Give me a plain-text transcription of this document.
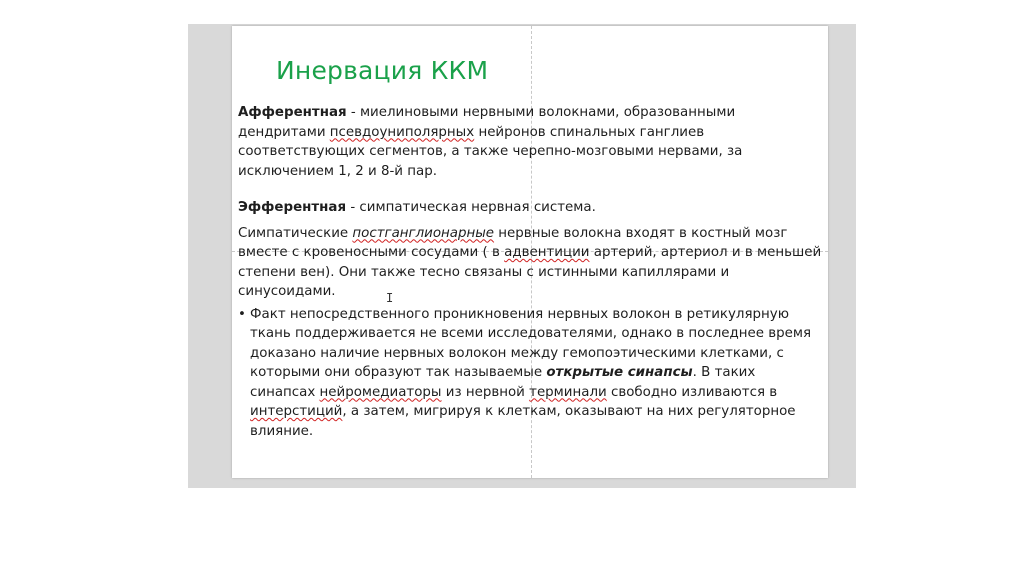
Инервация ККМ

Афферентная - миелиновыми нервными волокнами, образованными дендритами псевдоуниполярных нейронов спинальных ганглиев соответствующих сегментов, а также черепно-мозговыми нервами, за исключением 1, 2 и 8-й пар.

Эфферентная - симпатическая нервная система.

Симпатические постганглионарные нервные волокна входят в костный мозг вместе с кровеносными сосудами ( в адвентиции артерий, артериол и в меньшей степени вен). Они также тесно связаны с истинными капиллярами и синусоидами.

• Факт непосредственного проникновения нервных волокон в ретикулярную ткань поддерживается не всеми исследователями, однако в последнее время доказано наличие нервных волокон между гемопоэтическими клетками, с которыми они образуют так называемые открытые синапсы. В таких синапсах нейромедиаторы из нервной терминали свободно изливаются в интерстиций, а затем, мигрируя к клеткам, оказывают на них регуляторное влияние.

I
